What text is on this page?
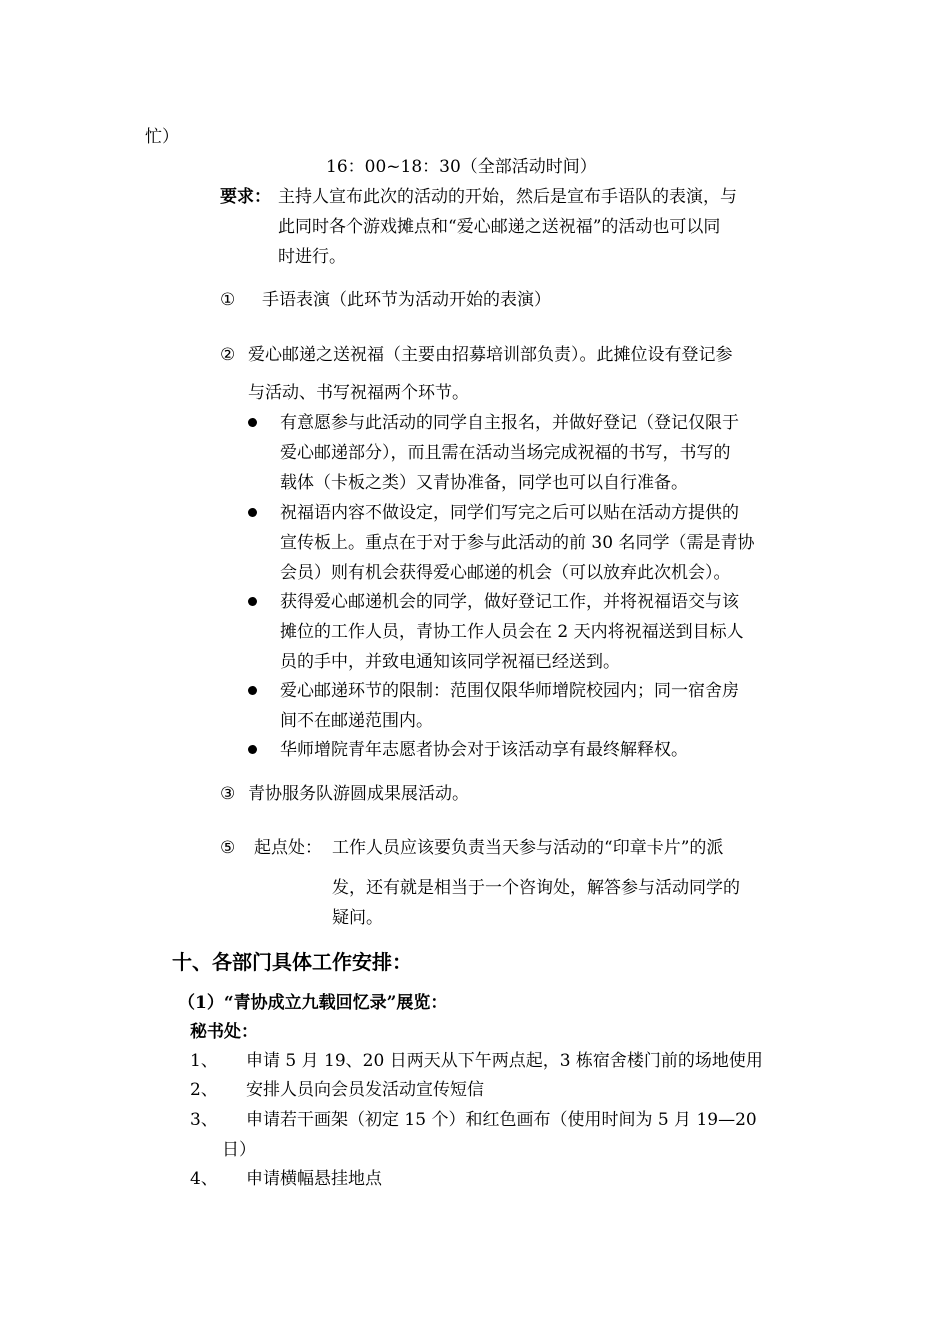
忙）
16：00~18：30（全部活动时间）
要求： 主持人宣布此次的活动的开始，然后是宣布手语队的表演，与
此同时各个游戏摊点和“爱心邮递之送祝福”的活动也可以同
时进行。
① 手语表演（此环节为活动开始的表演）
② 爱心邮递之送祝福（主要由招募培训部负责）。此摊位设有登记参
与活动、书写祝福两个环节。
有意愿参与此活动的同学自主报名，并做好登记（登记仅限于
爱心邮递部分），而且需在活动当场完成祝福的书写，书写的
载体（卡板之类）又青协准备，同学也可以自行准备。
祝福语内容不做设定，同学们写完之后可以贴在活动方提供的
宣传板上。重点在于对于参与此活动的前 30 名同学（需是青协
会员）则有机会获得爱心邮递的机会（可以放弃此次机会）。
获得爱心邮递机会的同学，做好登记工作，并将祝福语交与该
摊位的工作人员，青协工作人员会在 2 天内将祝福送到目标人
员的手中，并致电通知该同学祝福已经送到。
爱心邮递环节的限制：范围仅限华师增院校园内；同一宿舍房
间不在邮递范围内。
华师增院青年志愿者协会对于该活动享有最终解释权。
③ 青协服务队游圆成果展活动。
⑤ 起点处： 工作人员应该要负责当天参与活动的“印章卡片”的派
发，还有就是相当于一个咨询处，解答参与活动同学的
疑问。
十、各部门具体工作安排：
（1）“青协成立九载回忆录”展览：
秘书处：
1、 申请 5 月 19、20 日两天从下午两点起，3 栋宿舍楼门前的场地使用
2、 安排人员向会员发活动宣传短信
3、 申请若干画架（初定 15 个）和红色画布（使用时间为 5 月 19—20
日）
4、 申请横幅悬挂地点
